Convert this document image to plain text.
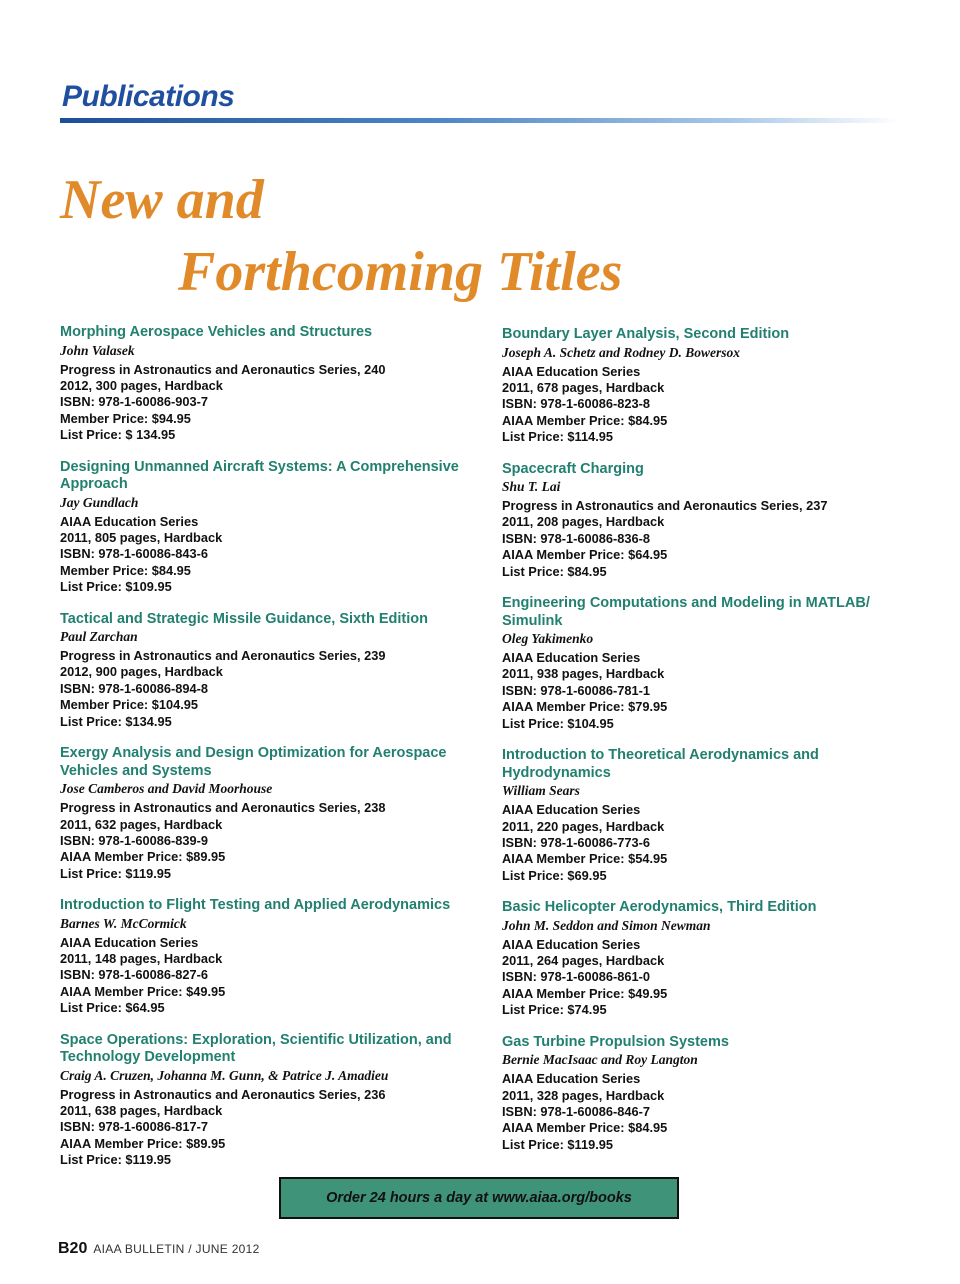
Publications
New and
Forthcoming Titles

Morphing Aerospace Vehicles and Structures

John Valasek

Progress in Astronautics and Aeronautics Series, 240

2012, 300 pages, Hardback

ISBN: 978-1-60086-903-7

Member Price: $94.95

List Price: $ 134.95

Designing Unmanned Aircraft Systems: A Comprehensive Approach

Jay Gundlach

AIAA Education Series

2011, 805 pages, Hardback

ISBN: 978-1-60086-843-6

Member Price: $84.95

List Price: $109.95

Tactical and Strategic Missile Guidance, Sixth Edition

Paul Zarchan

Progress in Astronautics and Aeronautics Series, 239

2012, 900 pages, Hardback

ISBN: 978-1-60086-894-8

Member Price: $104.95

List Price: $134.95

Exergy Analysis and Design Optimization for Aerospace Vehicles and Systems

Jose Camberos and David Moorhouse

Progress in Astronautics and Aeronautics Series, 238

2011, 632 pages, Hardback

ISBN: 978-1-60086-839-9

AIAA Member Price: $89.95

List Price: $119.95

Introduction to Flight Testing and Applied Aerodynamics

Barnes W. McCormick

AIAA Education Series

2011, 148 pages, Hardback

ISBN: 978-1-60086-827-6

AIAA Member Price: $49.95

List Price: $64.95

Space Operations: Exploration, Scientific Utilization, and Technology Development

Craig A. Cruzen, Johanna M. Gunn, & Patrice J. Amadieu

Progress in Astronautics and Aeronautics Series, 236

2011, 638 pages, Hardback

ISBN: 978-1-60086-817-7

AIAA Member Price: $89.95

List Price: $119.95

Boundary Layer Analysis, Second Edition

Joseph A. Schetz and Rodney D. Bowersox

AIAA Education Series

2011, 678 pages, Hardback

ISBN: 978-1-60086-823-8

AIAA Member Price: $84.95

List Price: $114.95

Spacecraft Charging

Shu T. Lai

Progress in Astronautics and Aeronautics Series, 237

2011, 208 pages, Hardback

ISBN: 978-1-60086-836-8

AIAA Member Price: $64.95

List Price: $84.95

Engineering Computations and Modeling in MATLAB/ Simulink

Oleg Yakimenko

AIAA Education Series

2011, 938 pages, Hardback

ISBN: 978-1-60086-781-1

AIAA Member Price: $79.95

List Price: $104.95

Introduction to Theoretical Aerodynamics and Hydrodynamics

William Sears

AIAA Education Series

2011, 220 pages, Hardback

ISBN: 978-1-60086-773-6

AIAA Member Price: $54.95

List Price: $69.95

Basic Helicopter Aerodynamics, Third Edition

John M. Seddon and Simon Newman

AIAA Education Series

2011, 264 pages, Hardback

ISBN: 978-1-60086-861-0

AIAA Member Price: $49.95

List Price: $74.95

Gas Turbine Propulsion Systems

Bernie MacIsaac and Roy Langton

AIAA Education Series

2011, 328 pages, Hardback

ISBN: 978-1-60086-846-7

AIAA Member Price: $84.95

List Price: $119.95

Order 24 hours a day at www.aiaa.org/books
B20 AIAA BULLETIN / JUNE 2012
